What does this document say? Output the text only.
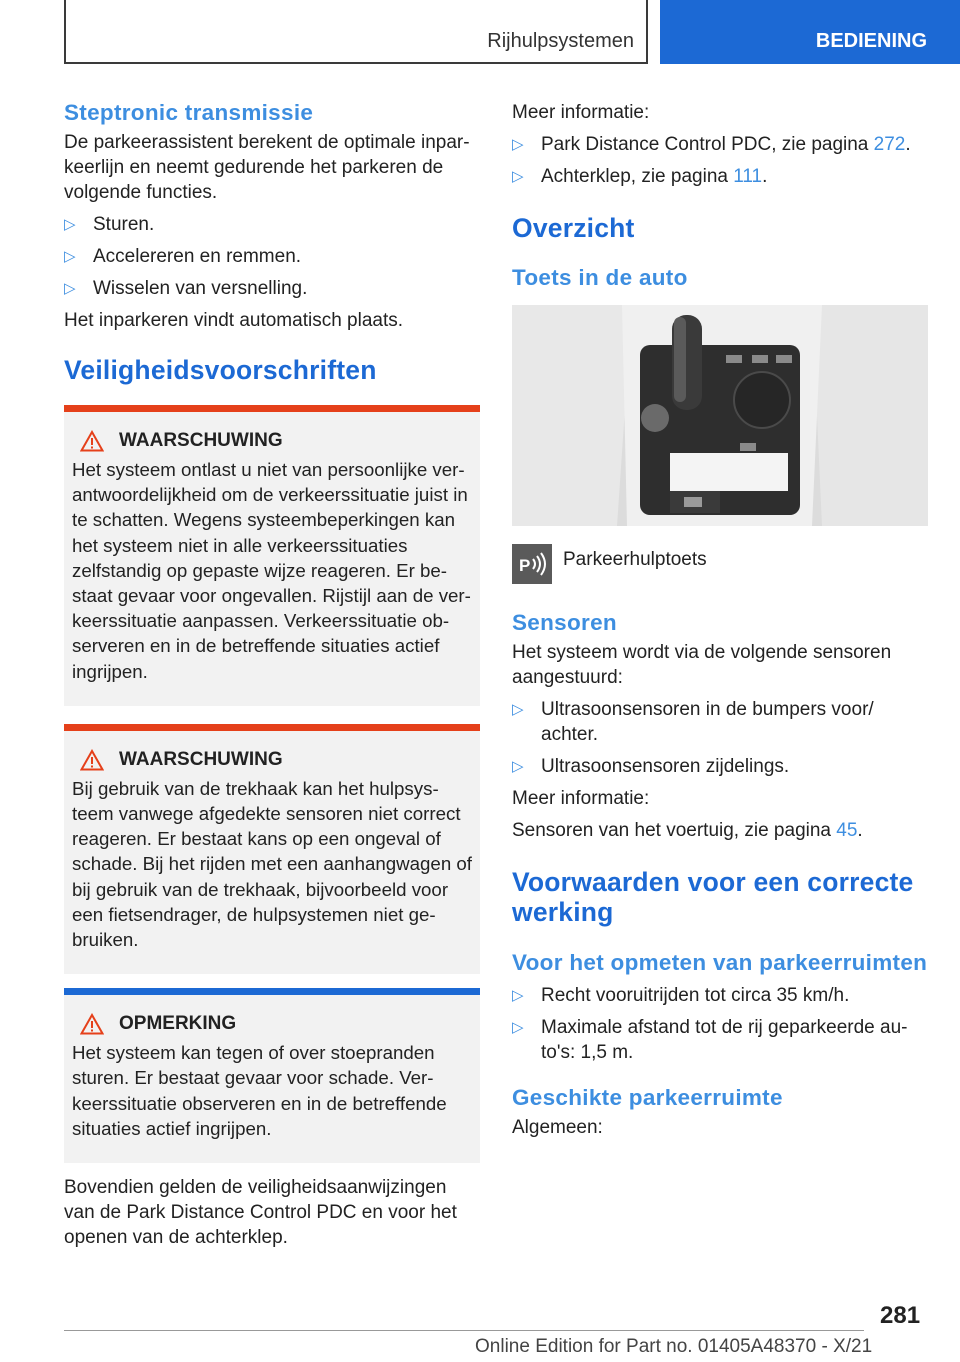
Rijhulpsystemen	BEDIENING
Steptronic transmissie

De parkeerassistent berekent de optimale inpar-keerlijn en neemt gedurende het parkeren de volgende functies.

▷ Sturen.
▷ Accelereren en remmen.
▷ Wisselen van versnelling.

Het inparkeren vindt automatisch plaats.

Veiligheidsvoorschriften
WAARSCHUWING

Het systeem ontlast u niet van persoonlijke ver-antwoordelijkheid om de verkeerssituatie juist in te schatten. Wegens systeembeperkingen kan het systeem niet in alle verkeerssituaties zelfstandig op gepaste wijze reageren. Er be-staat gevaar voor ongevallen. Rijstijl aan de ver-keerssituatie aanpassen. Verkeerssituatie ob-serveren en in de betreffende situaties actief ingrijpen.

WAARSCHUWING

Bij gebruik van de trekhaak kan het hulpsys-teem vanwege afgedekte sensoren niet correct reageren. Er bestaat kans op een ongeval of schade. Bij het rijden met een aanhangwagen of bij gebruik van de trekhaak, bijvoorbeeld voor een fietsendrager, de hulpsystemen niet ge-bruiken.

OPMERKING

Het systeem kan tegen of over stoepranden sturen. Er bestaat gevaar voor schade. Ver-keerssituatie observeren en in de betreffende situaties actief ingrijpen.

Bovendien gelden de veiligheidsaanwijzingen van de Park Distance Control PDC en voor het openen van de achterklep.

Meer informatie:

▷ Park Distance Control PDC, zie pagina 272.
▷ Achterklep, zie pagina 111.
Overzicht
Toets in de auto
P Parkeerhulptoets
Sensoren

Het systeem wordt via de volgende sensoren aangestuurd:

▷ Ultrasoonsensoren in de bumpers voor/ achter.
▷ Ultrasoonsensoren zijdelings.

Meer informatie:

Sensoren van het voertuig, zie pagina 45.

Voorwaarden voor een correcte werking
Voor het opmeten van parkeerruimten
▷ Recht vooruitrijden tot circa 35 km/h.
▷ Maximale afstand tot de rij geparkeerde au-to's: 1,5 m.
Geschikte parkeerruimte

Algemeen:

281
Online Edition for Part no. 01405A48370 - X/21
